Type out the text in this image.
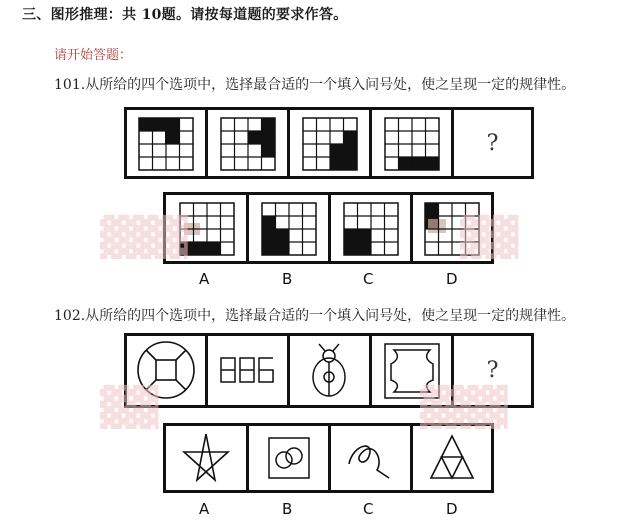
三、图形推理：共 10题。请按每道题的要求作答。
请开始答题：
101.从所给的四个选项中，选择最合适的一个填入问号处，使之呈现一定的规律性。
?
A	B	C	D
▓▓▓	▓▓
102.从所给的四个选项中，选择最合适的一个填入问号处，使之呈现一定的规律性。
?
A	B	C	D
▓▓	▓▓▓
